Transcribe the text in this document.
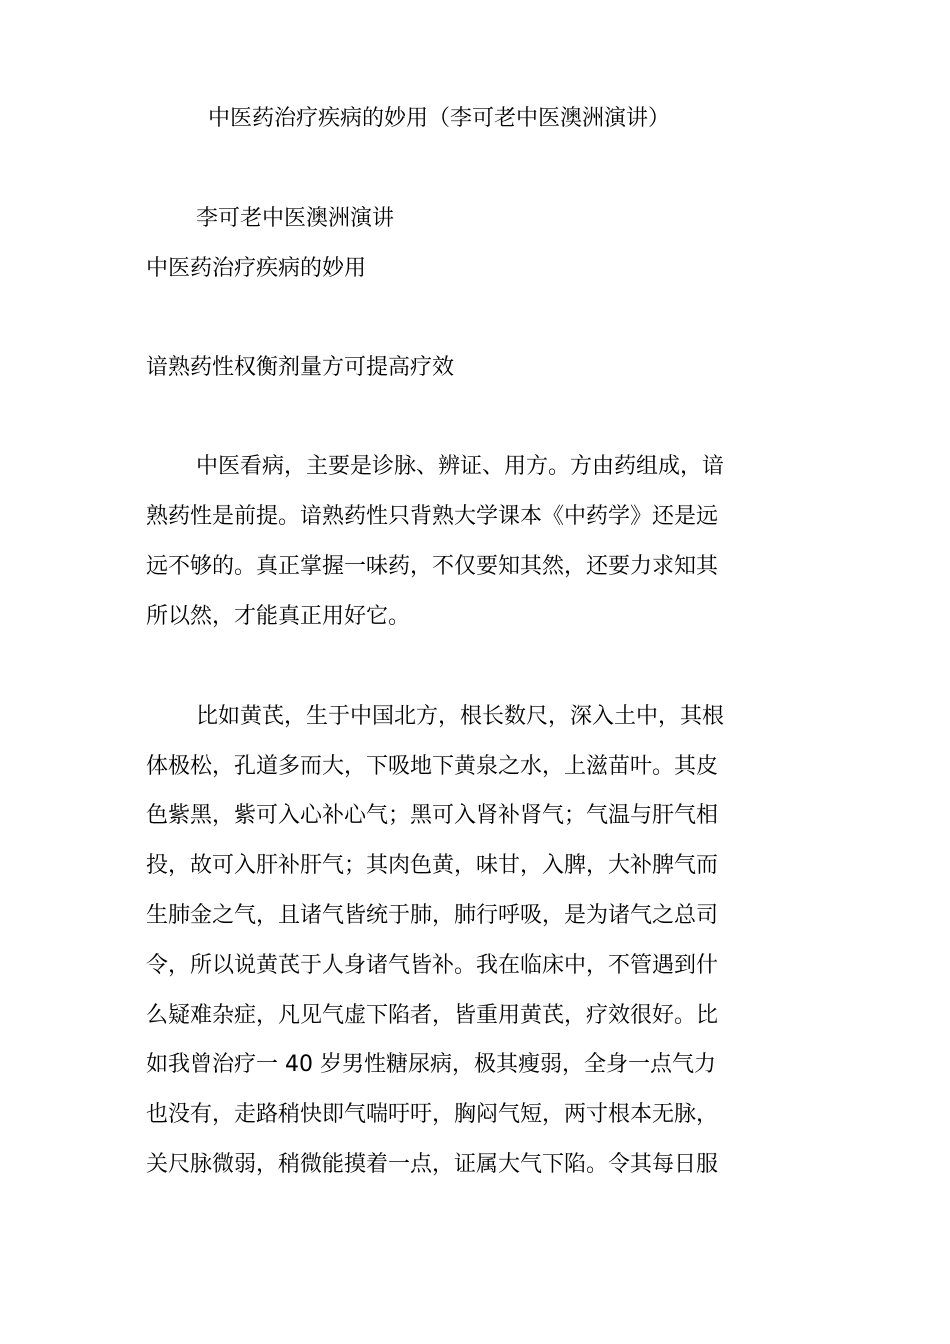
中医药治疗疾病的妙用（李可老中医澳洲演讲）

李可老中医澳洲演讲

中医药治疗疾病的妙用

谙熟药性权衡剂量方可提高疗效

中医看病，主要是诊脉、辨证、用方。方由药组成，谙

熟药性是前提。谙熟药性只背熟大学课本《中药学》还是远

远不够的。真正掌握一味药，不仅要知其然，还要力求知其

所以然，才能真正用好它。

比如黄芪，生于中国北方，根长数尺，深入土中，其根

体极松，孔道多而大，下吸地下黄泉之水，上滋苗叶。其皮

色紫黑，紫可入心补心气；黑可入肾补肾气；气温与肝气相

投，故可入肝补肝气；其肉色黄，味甘，入脾，大补脾气而

生肺金之气，且诸气皆统于肺，肺行呼吸，是为诸气之总司

令，所以说黄芪于人身诸气皆补。我在临床中，不管遇到什

么疑难杂症，凡见气虚下陷者，皆重用黄芪，疗效很好。比

如我曾治疗一 40 岁男性糖尿病，极其瘦弱，全身一点气力

也没有，走路稍快即气喘吁吁，胸闷气短，两寸根本无脉，

关尺脉微弱，稍微能摸着一点，证属大气下陷。令其每日服
